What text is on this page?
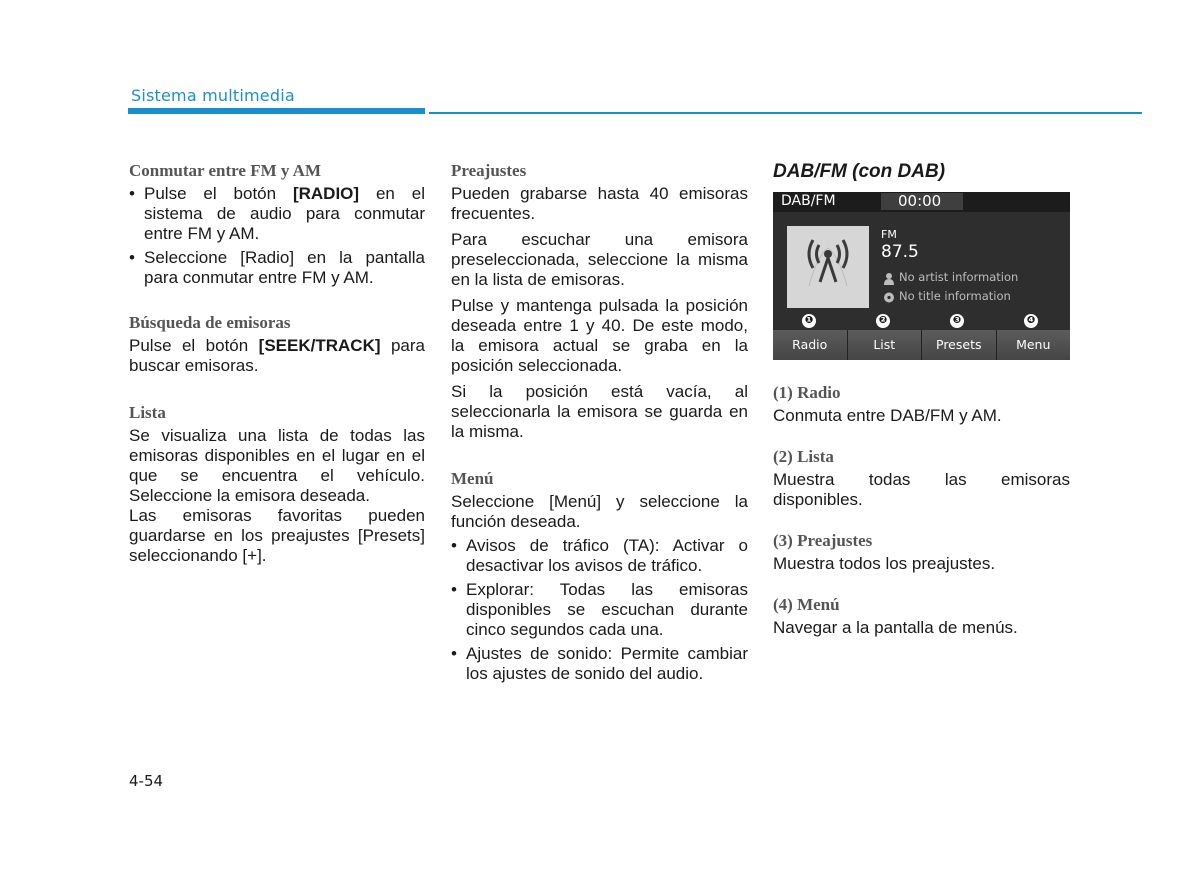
Sistema multimedia
Conmutar entre FM y AM
• Pulse el botón [RADIO] en el sistema de audio para conmutar entre FM y AM.
• Seleccione [Radio] en la pantalla para conmutar entre FM y AM.
Búsqueda de emisoras

Pulse el botón [SEEK/TRACK] para buscar emisoras.

Lista

Se visualiza una lista de todas las emisoras disponibles en el lugar en el que se encuentra el vehículo. Seleccione la emisora deseada.

Las emisoras favoritas pueden guardarse en los preajustes [Presets] seleccionando [+].

Preajustes

Pueden grabarse hasta 40 emisoras frecuentes.

Para escuchar una emisora preseleccionada, seleccione la misma en la lista de emisoras.

Pulse y mantenga pulsada la posición deseada entre 1 y 40. De este modo, la emisora actual se graba en la posición seleccionada.

Si la posición está vacía, al seleccionarla la emisora se guarda en la misma.

Menú

Seleccione [Menú] y seleccione la función deseada.

• Avisos de tráfico (TA): Activar o desactivar los avisos de tráfico.
• Explorar: Todas las emisoras disponibles se escuchan durante cinco segundos cada una.
• Ajustes de sonido: Permite cambiar los ajustes de sonido del audio.
DAB/FM (con DAB)
DAB/FM	00:00
FM
87.5
No artist information
No title information
❶	❷	❸	❹
Radio	List	Presets	Menu
(1) Radio

Conmuta entre DAB/FM y AM.

(2) Lista

Muestra todas las emisoras disponibles.

(3) Preajustes

Muestra todos los preajustes.

(4) Menú

Navegar a la pantalla de menús.

4-54
